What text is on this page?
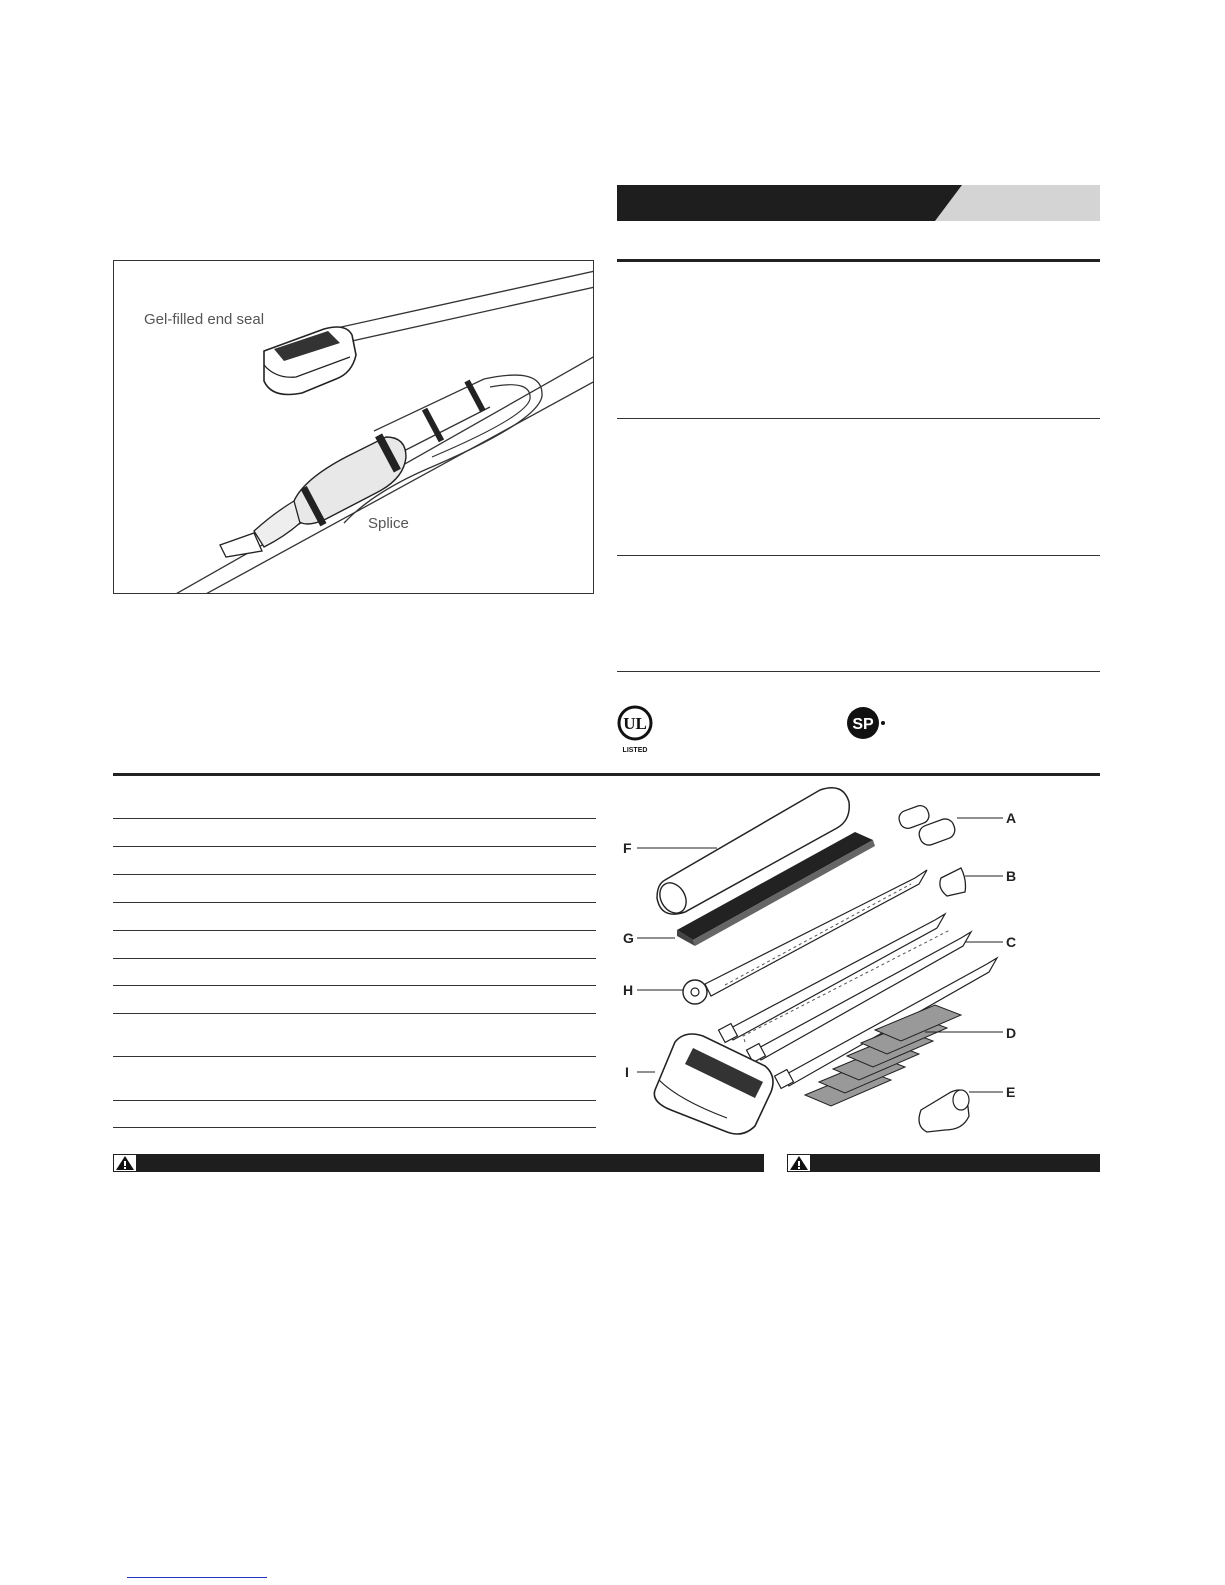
Gel-filled end seal
Splice
UL
LISTED
SP
A
B
C
D
E
F
G
H
I
